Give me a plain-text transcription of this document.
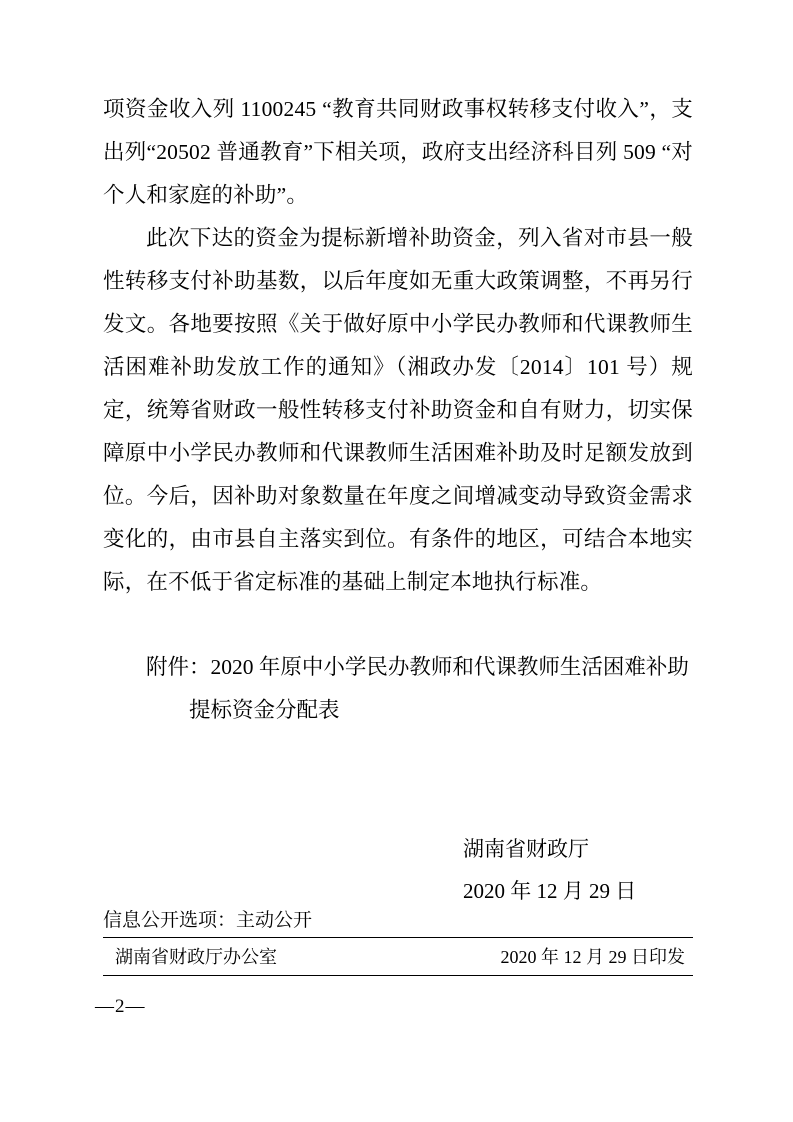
项资金收入列 1100245 “教育共同财政事权转移支付收入”，支出列“20502 普通教育”下相关项，政府支出经济科目列 509 “对个人和家庭的补助”。

此次下达的资金为提标新增补助资金，列入省对市县一般性转移支付补助基数，以后年度如无重大政策调整，不再另行发文。各地要按照《关于做好原中小学民办教师和代课教师生活困难补助发放工作的通知》（湘政办发〔2014〕101 号）规定，统筹省财政一般性转移支付补助资金和自有财力，切实保障原中小学民办教师和代课教师生活困难补助及时足额发放到位。今后，因补助对象数量在年度之间增减变动导致资金需求变化的，由市县自主落实到位。有条件的地区，可结合本地实际，在不低于省定标准的基础上制定本地执行标准。

附件：2020 年原中小学民办教师和代课教师生活困难补助

提标资金分配表

湖南省财政厅
2020 年 12 月 29 日
信息公开选项：主动公开
湖南省财政厅办公室	2020 年 12 月 29 日印发
—2—
